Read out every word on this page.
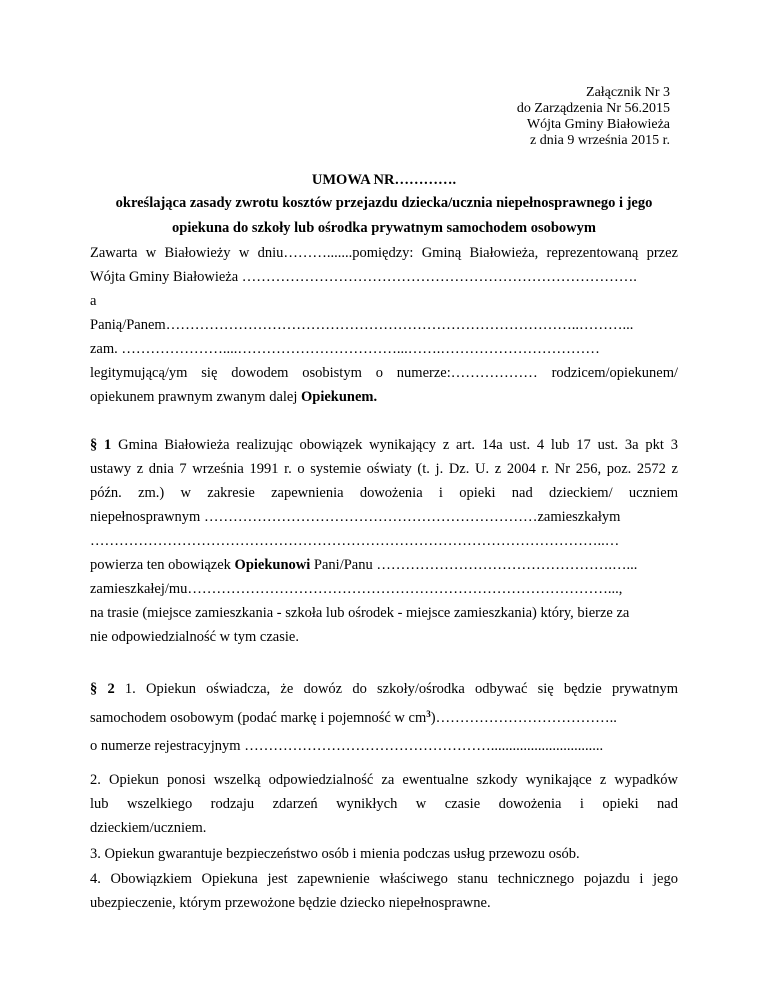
Załącznik Nr 3
do Zarządzenia Nr 56.2015
Wójta Gminy Białowieża
z dnia 9 września 2015 r.
UMOWA NR………….
określająca zasady zwrotu kosztów przejazdu dziecka/ucznia niepełnosprawnego i jego
opiekuna do szkoły lub ośrodka prywatnym samochodem osobowym
Zawarta w Białowieży w dniu……….......pomiędzy: Gminą Białowieża, reprezentowaną przez
Wójta Gminy Białowieża ……………………………………………………………………….
a
Panią/Panem…………………………………………………………………………..………...
zam. …………………....……………………………...…….……………………………
legitymującą/ym się dowodem osobistym o numerze:……………… rodzicem/opiekunem/
opiekunem prawnym zwanym dalej Opiekunem.
§ 1 Gmina Białowieża realizując obowiązek wynikający z art. 14a ust. 4 lub 17 ust. 3a pkt 3
ustawy z dnia 7 września 1991 r. o systemie oświaty (t. j. Dz. U. z 2004 r. Nr 256, poz. 2572 z
późn. zm.) w zakresie zapewnienia dowożenia i opieki nad dzieckiem/ uczniem
niepełnosprawnym ……………………………………………………………zamieszkałym
……………………………………………………………………………………………..…
powierza ten obowiązek Opiekunowi Pani/Panu ………………………………………….…...
zamieszkałej/mu……………………………………………………………………………...,
na trasie (miejsce zamieszkania - szkoła lub ośrodek - miejsce zamieszkania) który, bierze za
nie odpowiedzialność w tym czasie.
§ 2 1. Opiekun oświadcza, że dowóz do szkoły/ośrodka odbywać się będzie prywatnym
samochodem osobowym (podać markę i pojemność w $cm^3)\dots\dots\dots\dots\dots\dots\dots\dots\dots\dots\dots\dots$..
o numerze rejestracyjnym ……………………………………………...............................
2. Opiekun ponosi wszelką odpowiedzialność za ewentualne szkody wynikające z wypadków
lub wszelkiego rodzaju zdarzeń wynikłych w czasie dowożenia i opieki nad
dzieckiem/uczniem.
3. Opiekun gwarantuje bezpieczeństwo osób i mienia podczas usług przewozu osób.
4. Obowiązkiem Opiekuna jest zapewnienie właściwego stanu technicznego pojazdu i jego
ubezpieczenie, którym przewożone będzie dziecko niepełnosprawne.
